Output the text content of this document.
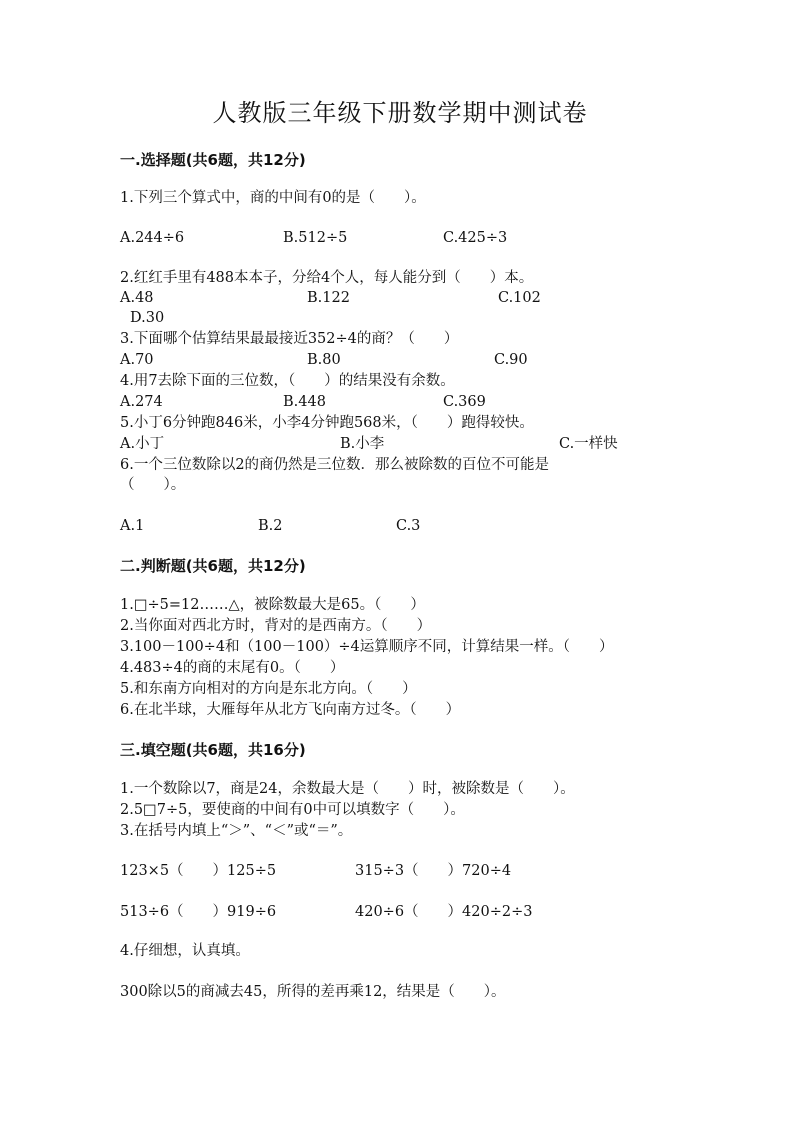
人教版三年级下册数学期中测试卷
一.选择题(共6题，共12分)
1.下列三个算式中，商的中间有0的是（　　）。
A.244÷6	B.512÷5	C.425÷3
2.红红手里有488本本子，分给4个人，每人能分到（　　）本。
A.48	B.122	C.102
D.30
3.下面哪个估算结果最最接近352÷4的商？（　　）
A.70	B.80	C.90
4.用7去除下面的三位数，（　　）的结果没有余数。
A.274	B.448	C.369
5.小丁6分钟跑846米，小李4分钟跑568米，（　　）跑得较快。
A.小丁	B.小李	C.一样快
6.一个三位数除以2的商仍然是三位数．那么被除数的百位不可能是
（　　）。
A.1	B.2	C.3
二.判断题(共6题，共12分)
1.□÷5=12……△，被除数最大是65。（　　）
2.当你面对西北方时，背对的是西南方。（　　）
3.100－100÷4和（100－100）÷4运算顺序不同，计算结果一样。（　　）
4.483÷4的商的末尾有0。（　　）
5.和东南方向相对的方向是东北方向。（　　）
6.在北半球，大雁每年从北方飞向南方过冬。（　　）
三.填空题(共6题，共16分)
1.一个数除以7，商是24，余数最大是（　　）时，被除数是（　　）。
2.5□7÷5，要使商的中间有0中可以填数字（　　）。
3.在括号内填上“＞”、“＜”或“＝”。
123×5（　　）125÷5	315÷3（　　）720÷4
513÷6（　　）919÷6	420÷6（　　）420÷2÷3
4.仔细想，认真填。
300除以5的商减去45，所得的差再乘12，结果是（　　）。
